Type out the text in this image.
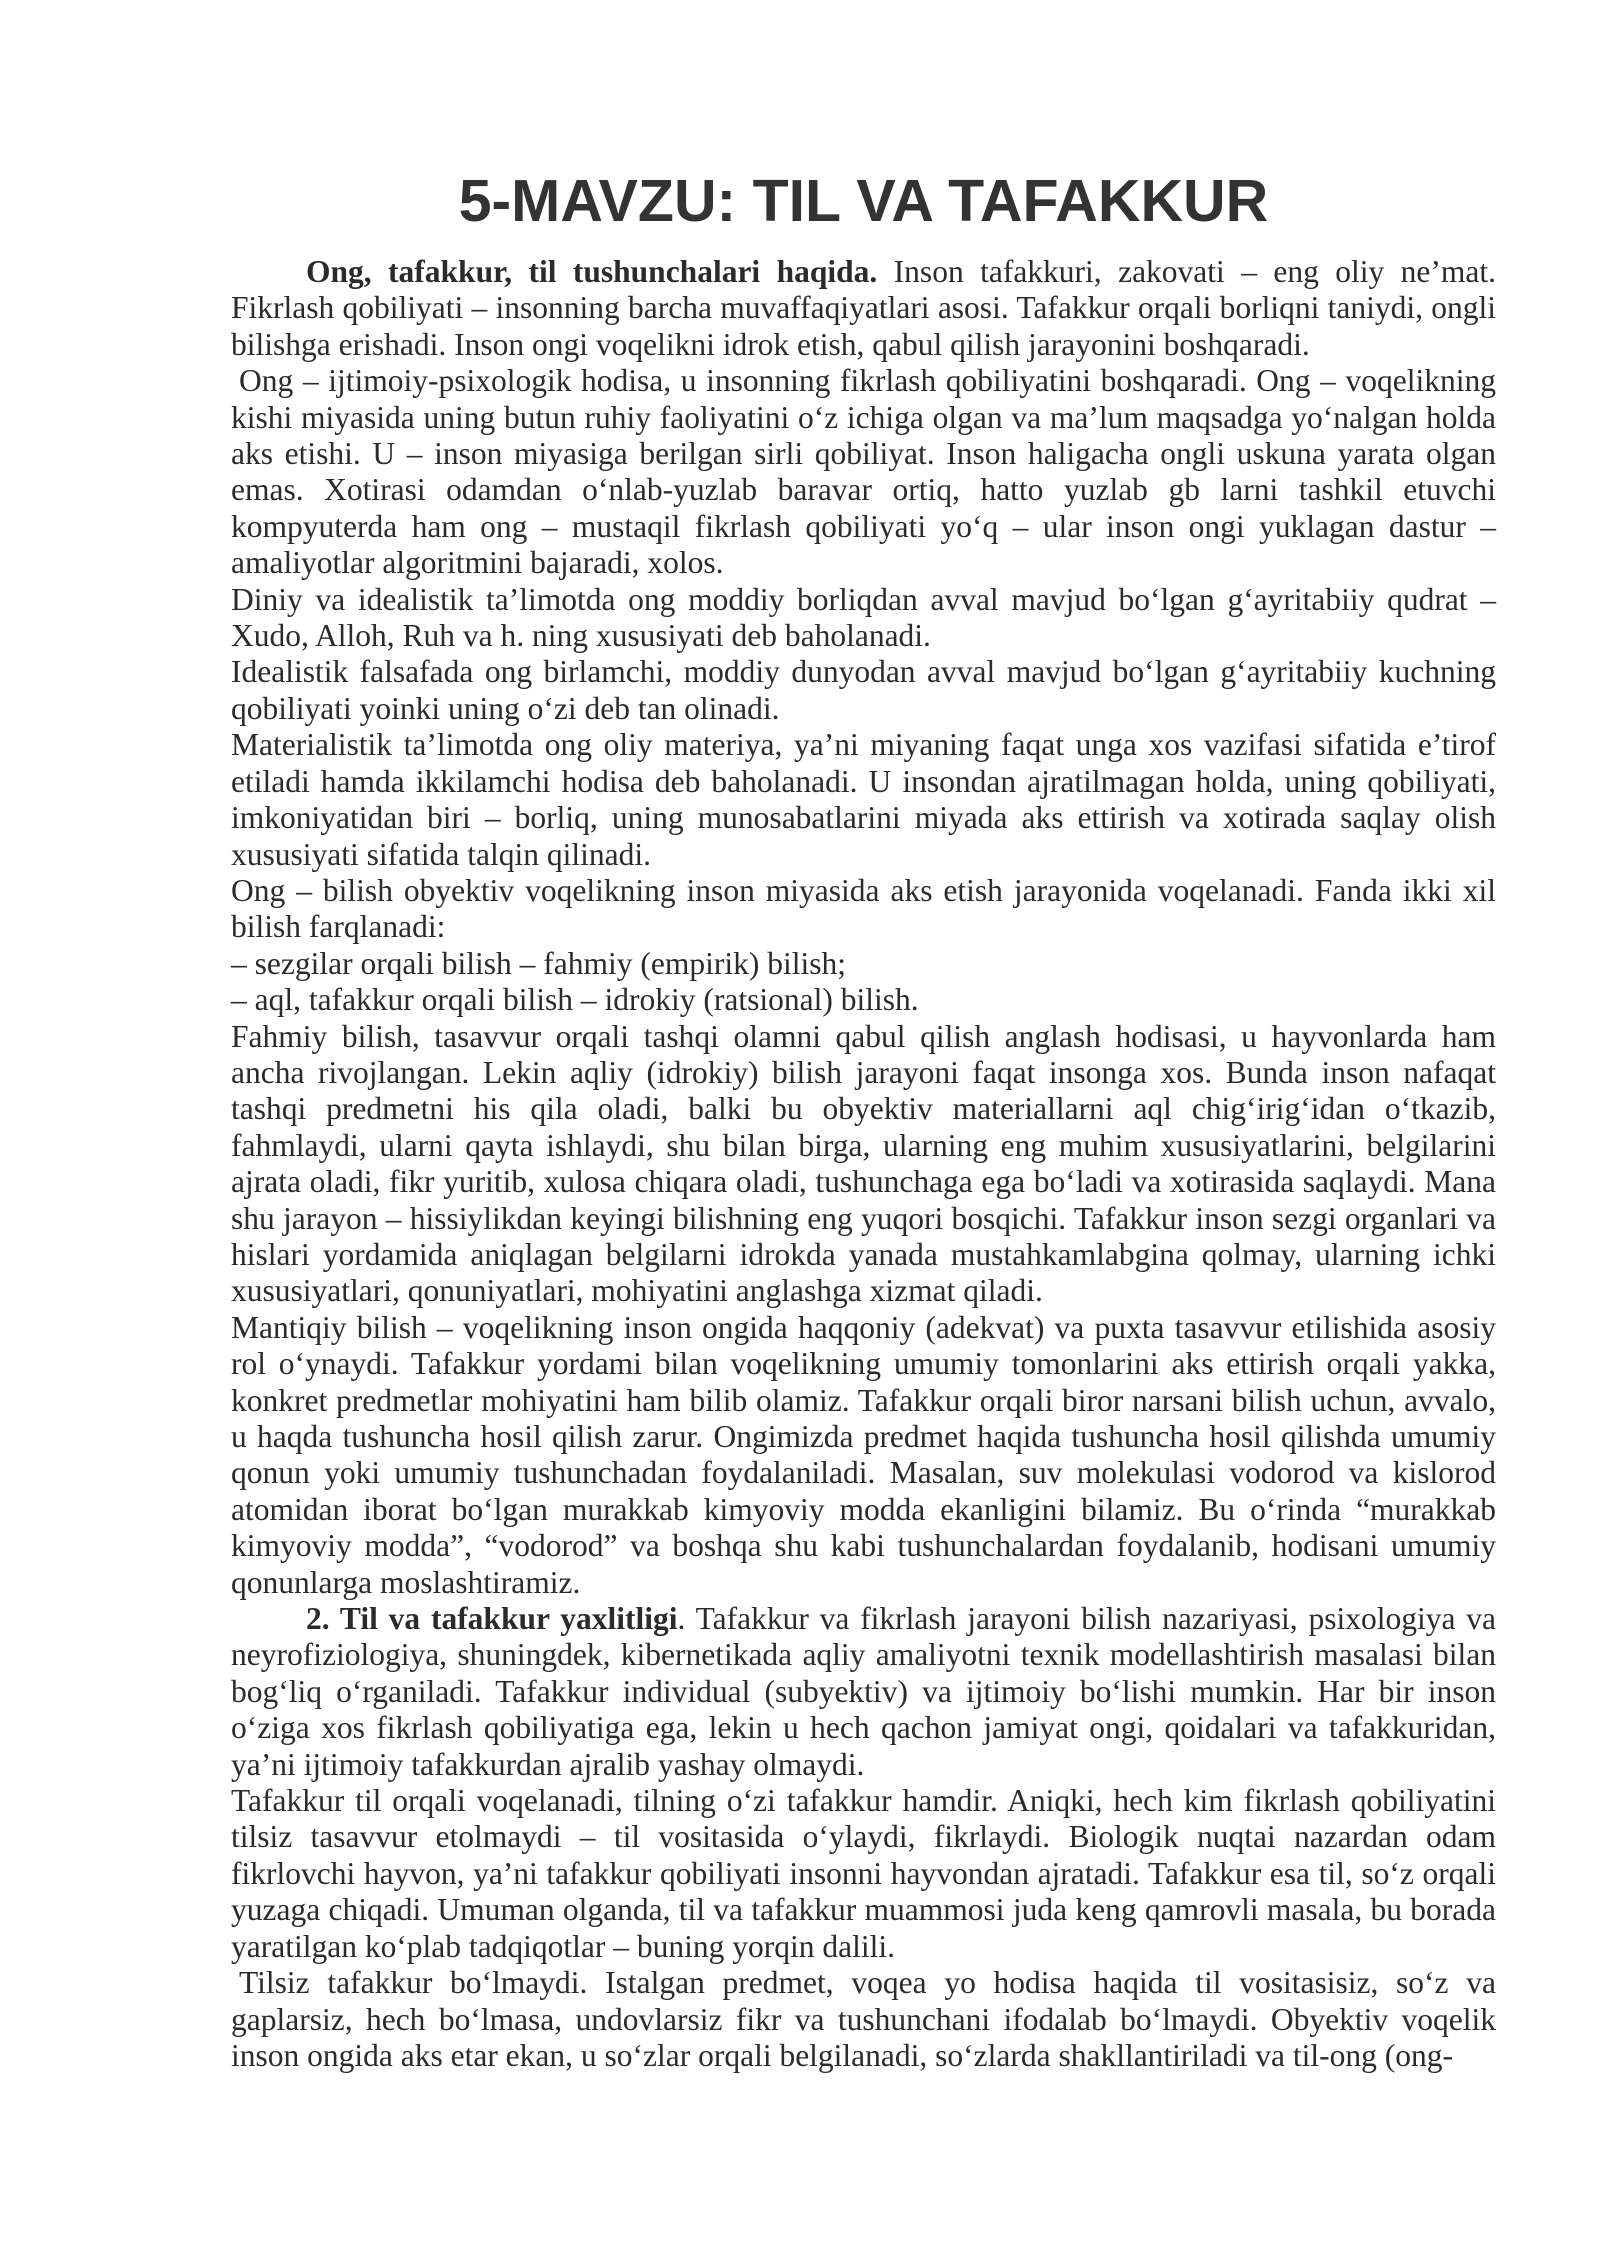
5-MAVZU: TIL VA TAFAKKUR

Ong, tafakkur, til tushunchalari haqida. Inson tafakkuri, zakovati – eng oliy ne’mat. Fikrlash qobiliyati – insonning barcha muvaffaqiyatlari asosi. Tafakkur orqali borliqni taniydi, ongli bilishga erishadi. Inson ongi voqelikni idrok etish, qabul qilish jarayonini boshqaradi.

Ong – ijtimoiy-psixologik hodisa, u insonning fikrlash qobiliyatini boshqaradi. Ong – voqelikning kishi miyasida uning butun ruhiy faoliyatini o‘z ichiga olgan va ma’lum maqsadga yo‘nalgan holda aks etishi. U – inson miyasiga berilgan sirli qobiliyat. Inson haligacha ongli uskuna yarata olgan emas. Xotirasi odamdan o‘nlab-yuzlab baravar ortiq, hatto yuzlab gb larni tashkil etuvchi kompyuterda ham ong – mustaqil fikrlash qobiliyati yo‘q – ular inson ongi yuklagan dastur – amaliyotlar algoritmini bajaradi, xolos.

Diniy va idealistik ta’limotda ong moddiy borliqdan avval mavjud bo‘lgan g‘ayritabiiy qudrat – Xudo, Alloh, Ruh va h. ning xususiyati deb baholanadi.

Idealistik falsafada ong birlamchi, moddiy dunyodan avval mavjud bo‘lgan g‘ayritabiiy kuchning qobiliyati yoinki uning o‘zi deb tan olinadi.

Materialistik ta’limotda ong oliy materiya, ya’ni miyaning faqat unga xos vazifasi sifatida e’tirof etiladi hamda ikkilamchi hodisa deb baholanadi. U insondan ajratilmagan holda, uning qobiliyati, imkoniyatidan biri – borliq, uning munosabatlarini miyada aks ettirish va xotirada saqlay olish xususiyati sifatida talqin qilinadi.

Ong – bilish obyektiv voqelikning inson miyasida aks etish jarayonida voqelanadi. Fanda ikki xil bilish farqlanadi:

– sezgilar orqali bilish – fahmiy (empirik) bilish;

– aql, tafakkur orqali bilish – idrokiy (ratsional) bilish.

Fahmiy bilish, tasavvur orqali tashqi olamni qabul qilish anglash hodisasi, u hayvonlarda ham ancha rivojlangan. Lekin aqliy (idrokiy) bilish jarayoni faqat insonga xos. Bunda inson nafaqat tashqi predmetni his qila oladi, balki bu obyektiv materiallarni aql chig‘irig‘idan o‘tkazib, fahmlaydi, ularni qayta ishlaydi, shu bilan birga, ularning eng muhim xususiyatlarini, belgilarini ajrata oladi, fikr yuritib, xulosa chiqara oladi, tushunchaga ega bo‘ladi va xotirasida saqlaydi. Mana shu jarayon – hissiylikdan keyingi bilishning eng yuqori bosqichi. Tafakkur inson sezgi organlari va hislari yordamida aniqlagan belgilarni idrokda yanada mustahkamlabgina qolmay, ularning ichki xususiyatlari, qonuniyatlari, mohiyatini anglashga xizmat qiladi.

Mantiqiy bilish – voqelikning inson ongida haqqoniy (adekvat) va puxta tasavvur etilishida asosiy rol o‘ynaydi. Tafakkur yordami bilan voqelikning umumiy tomonlarini aks ettirish orqali yakka, konkret predmetlar mohiyatini ham bilib olamiz. Tafakkur orqali biror narsani bilish uchun, avvalo, u haqda tushuncha hosil qilish zarur. Ongimizda predmet haqida tushuncha hosil qilishda umumiy qonun yoki umumiy tushunchadan foydalaniladi. Masalan, suv molekulasi vodorod va kislorod atomidan iborat bo‘lgan murakkab kimyoviy modda ekanligini bilamiz. Bu o‘rinda “murakkab kimyoviy modda”, “vodorod” va boshqa shu kabi tushunchalardan foydalanib, hodisani umumiy qonunlarga moslashtiramiz.

2. Til va tafakkur yaxlitligi. Tafakkur va fikrlash jarayoni bilish nazariyasi, psixologiya va neyrofiziologiya, shuningdek, kibernetikada aqliy amaliyotni texnik modellashtirish masalasi bilan bog‘liq o‘rganiladi. Tafakkur individual (subyektiv) va ijtimoiy bo‘lishi mumkin. Har bir inson o‘ziga xos fikrlash qobiliyatiga ega, lekin u hech qachon jamiyat ongi, qoidalari va tafakkuridan, ya’ni ijtimoiy tafakkurdan ajralib yashay olmaydi.

Tafakkur til orqali voqelanadi, tilning o‘zi tafakkur hamdir. Aniqki, hech kim fikrlash qobiliyatini tilsiz tasavvur etolmaydi – til vositasida o‘ylaydi, fikrlaydi. Biologik nuqtai nazardan odam fikrlovchi hayvon, ya’ni tafakkur qobiliyati insonni hayvondan ajratadi. Tafakkur esa til, so‘z orqali yuzaga chiqadi. Umuman olganda, til va tafakkur muammosi juda keng qamrovli masala, bu borada yaratilgan ko‘plab tadqiqotlar – buning yorqin dalili.

Tilsiz tafakkur bo‘lmaydi. Istalgan predmet, voqea yo hodisa haqida til vositasisiz, so‘z va gaplarsiz, hech bo‘lmasa, undovlarsiz fikr va tushunchani ifodalab bo‘lmaydi. Obyektiv voqelik inson ongida aks etar ekan, u so‘zlar orqali belgilanadi, so‘zlarda shakllantiriladi va til-ong (ong-
